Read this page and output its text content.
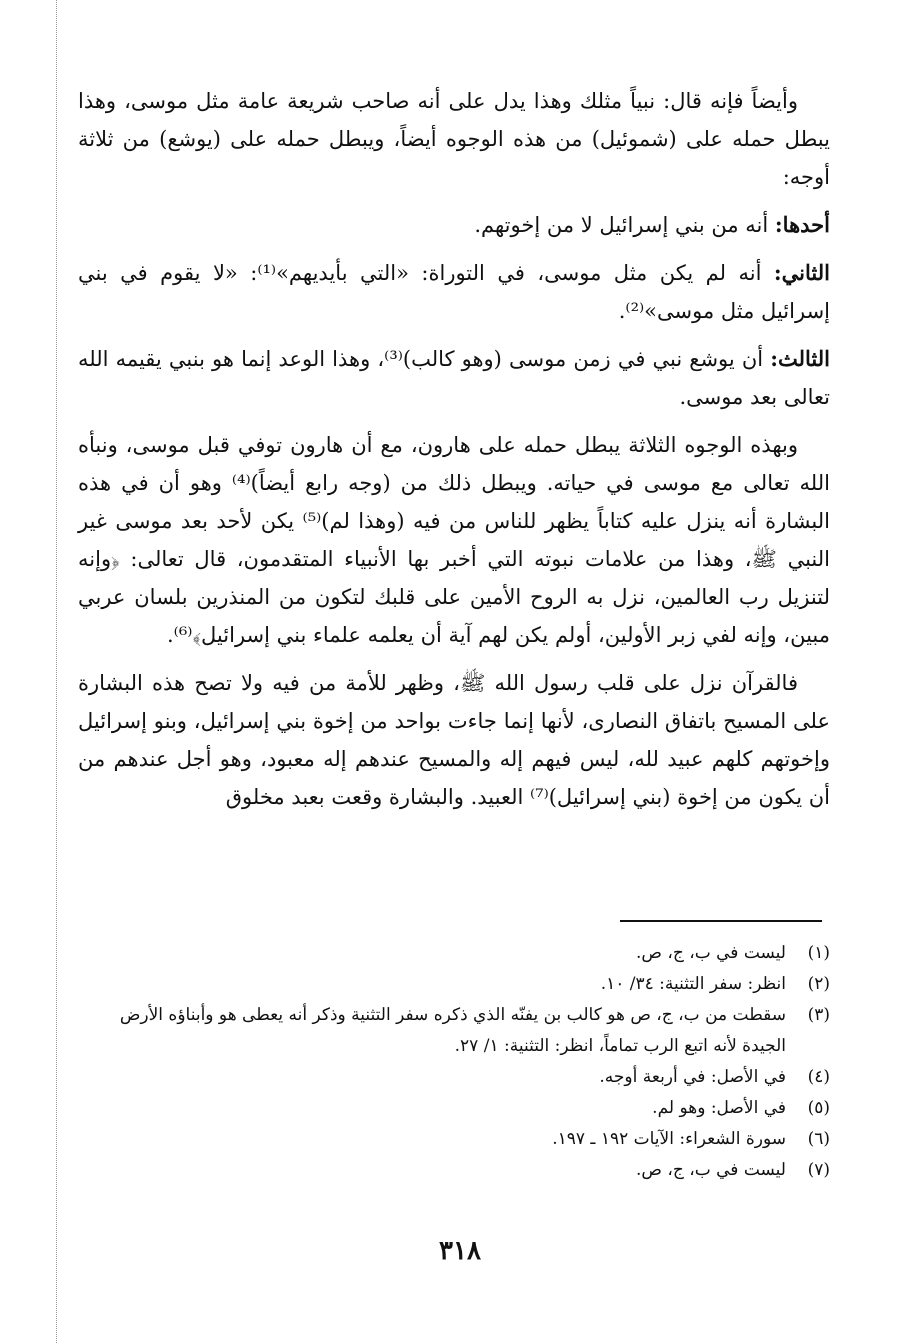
وأيضاً فإنه قال: نبياً مثلك وهذا يدل على أنه صاحب شريعة عامة مثل موسى، وهذا يبطل حمله على (شموئيل) من هذه الوجوه أيضاً، ويبطل حمله على (يوشع) من ثلاثة أوجه:

أحدها: أنه من بني إسرائيل لا من إخوتهم.

الثاني: أنه لم يكن مثل موسى، في التوراة: «التي بأيديهم»⁽¹⁾: «لا يقوم في بني إسرائيل مثل موسى»⁽²⁾.

الثالث: أن يوشع نبي في زمن موسى (وهو كالب)⁽³⁾، وهذا الوعد إنما هو بنبي يقيمه الله تعالى بعد موسى.

وبهذه الوجوه الثلاثة يبطل حمله على هارون، مع أن هارون توفي قبل موسى، ونبأه الله تعالى مع موسى في حياته. ويبطل ذلك من (وجه رابع أيضاً)⁽⁴⁾ وهو أن في هذه البشارة أنه ينزل عليه كتاباً يظهر للناس من فيه (وهذا لم)⁽⁵⁾ يكن لأحد بعد موسى غير النبي ﷺ، وهذا من علامات نبوته التي أخبر بها الأنبياء المتقدمون، قال تعالى: ﴿وإنه لتنزيل رب العالمين، نزل به الروح الأمين على قلبك لتكون من المنذرين بلسان عربي مبين، وإنه لفي زبر الأولين، أولم يكن لهم آية أن يعلمه علماء بني إسرائيل﴾⁽⁶⁾.

فالقرآن نزل على قلب رسول الله ﷺ، وظهر للأمة من فيه ولا تصح هذه البشارة على المسيح باتفاق النصارى، لأنها إنما جاءت بواحد من إخوة بني إسرائيل، وبنو إسرائيل وإخوتهم كلهم عبيد لله، ليس فيهم إله والمسيح عندهم إله معبود، وهو أجل عندهم من أن يكون من إخوة (بني إسرائيل)⁽⁷⁾ العبيد. والبشارة وقعت بعبد مخلوق

(١)
ليست في ب، ج، ص.
(٢)
انظر: سفر التثنية: ٣٤/ ١٠.
(٣)
سقطت من ب، ج، ص هو كالب بن يفنّه الذي ذكره سفر التثنية وذكر أنه يعطى هو وأبناؤه الأرض الجيدة لأنه اتبع الرب تماماً، انظر: التثنية: ١/ ٢٧.
(٤)
في الأصل: في أربعة أوجه.
(٥)
في الأصل: وهو لم.
(٦)
سورة الشعراء: الآيات ١٩٢ ـ ١٩٧.
(٧)
ليست في ب، ج، ص.
٣١٨
